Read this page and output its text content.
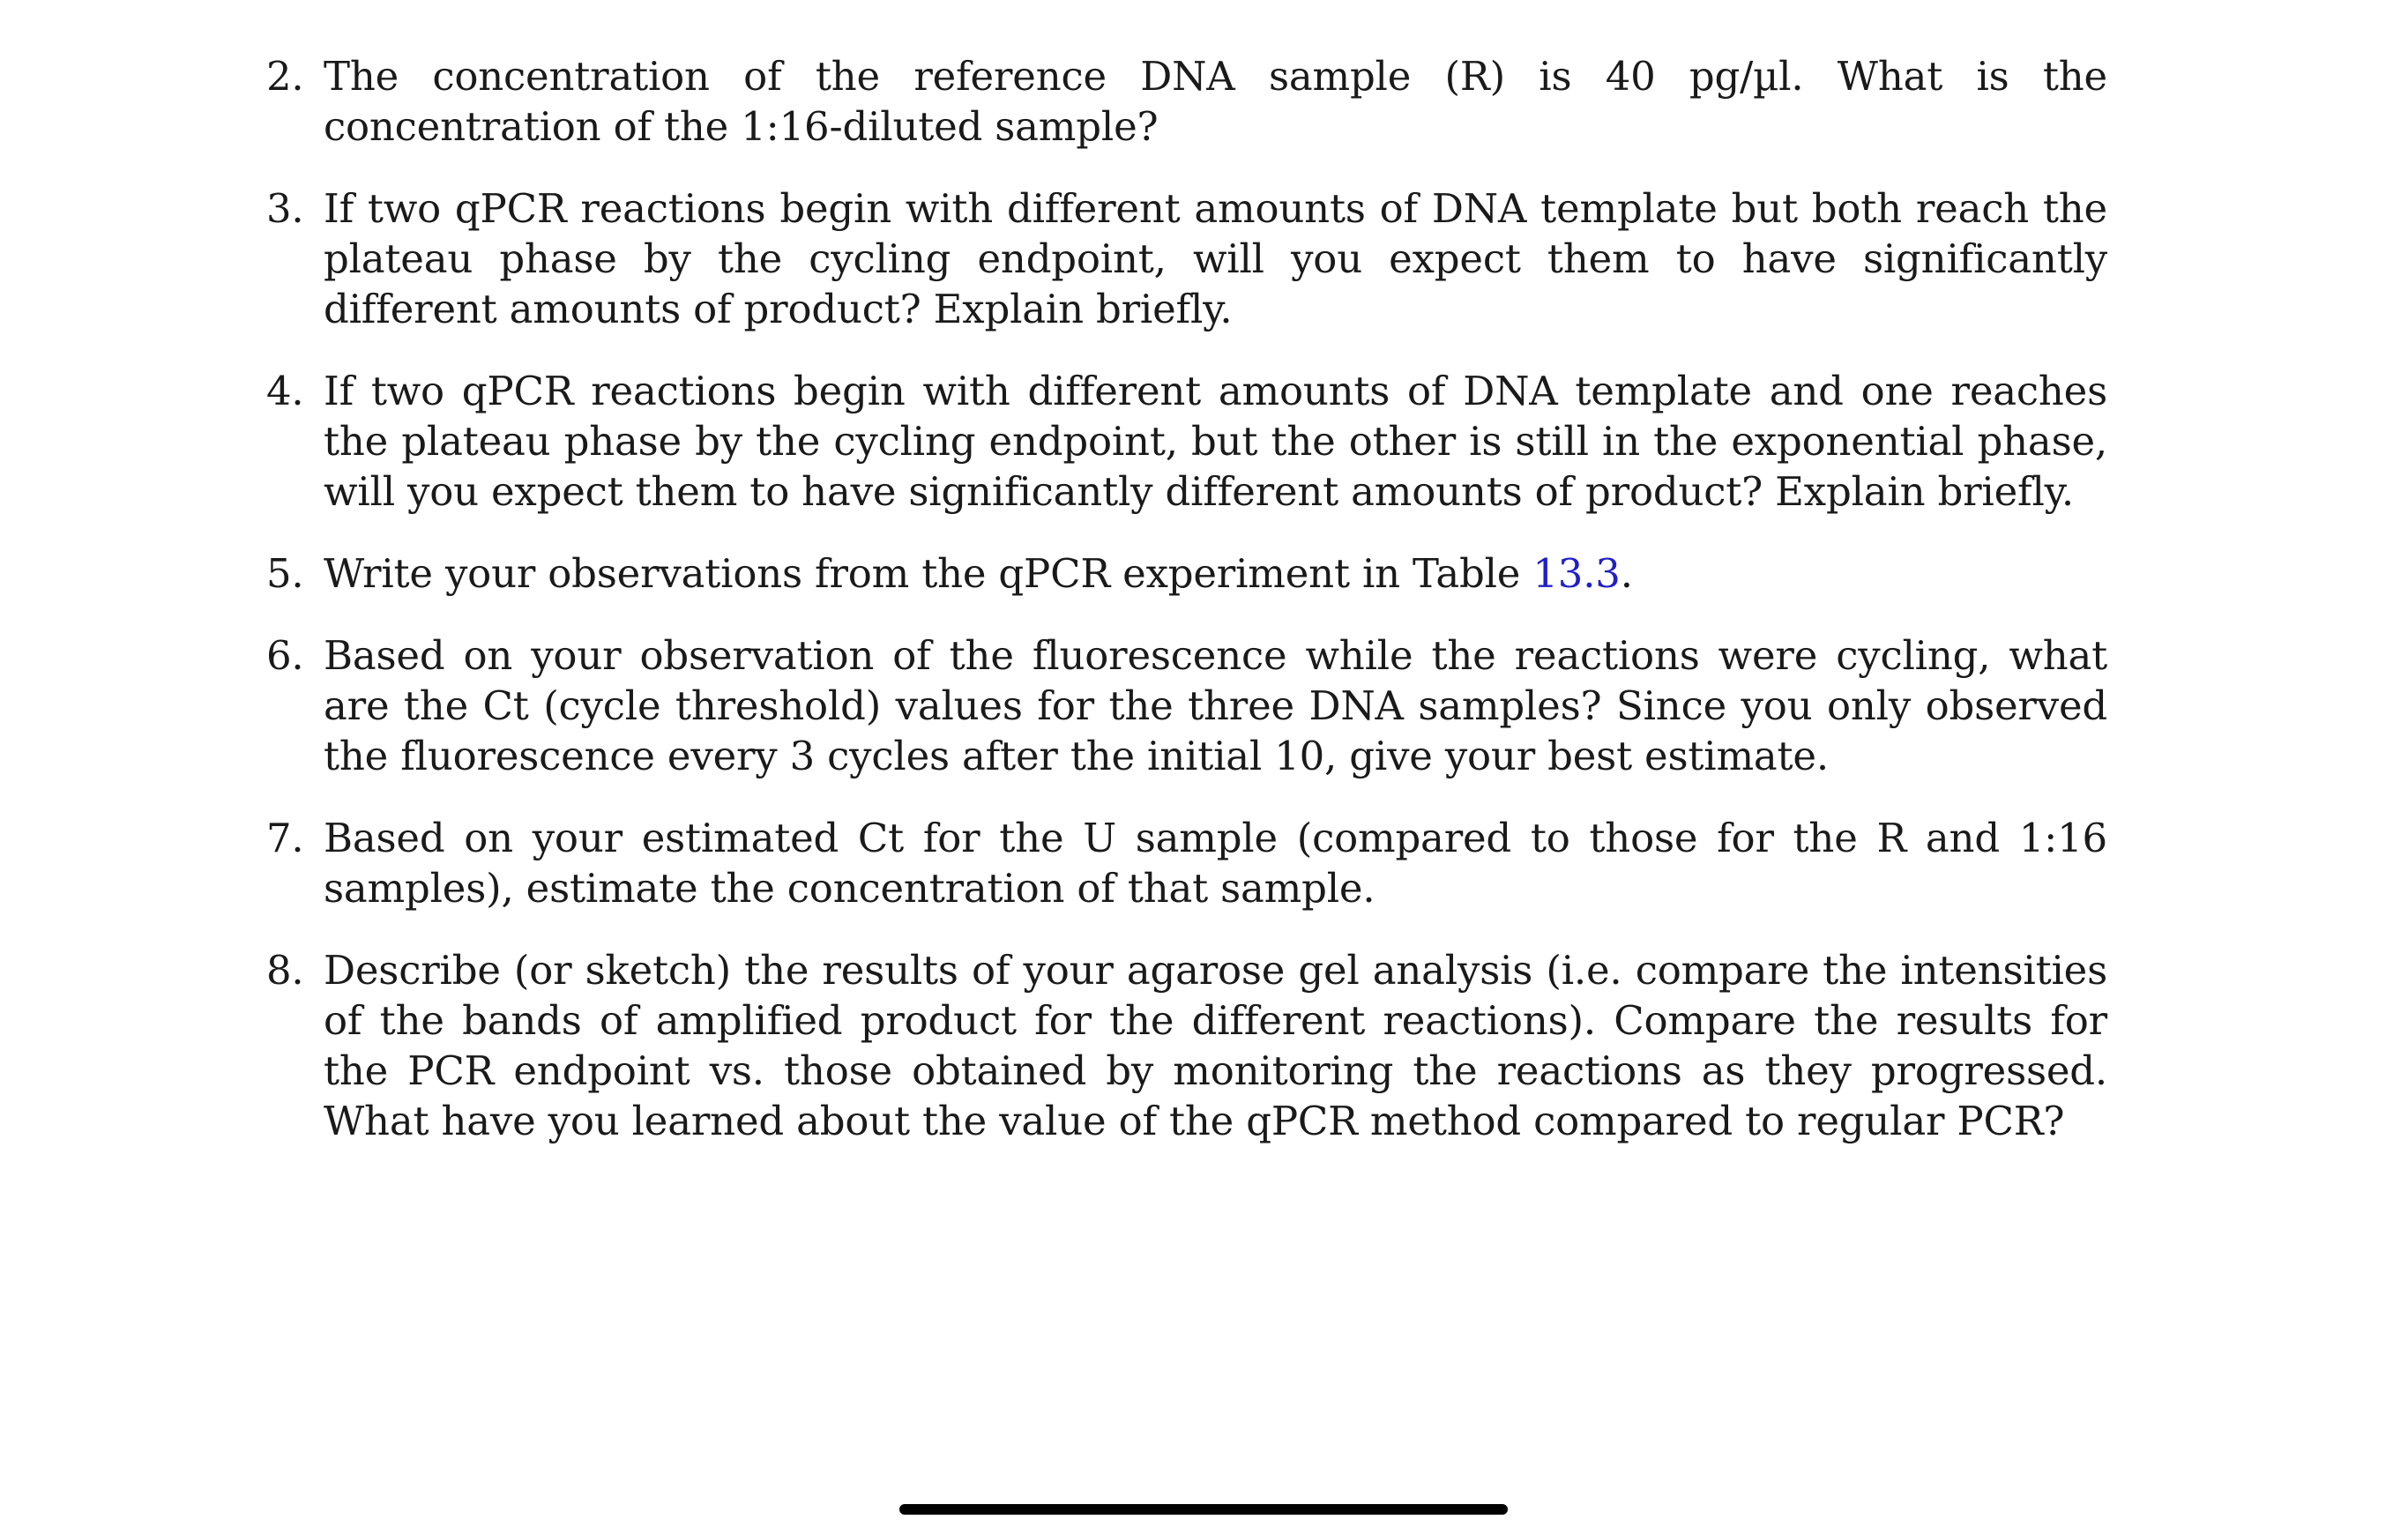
2. The concentration of the reference DNA sample (R) is 40 pg/µl. What is the concentration of the 1:16-diluted sample?
3. If two qPCR reactions begin with different amounts of DNA template but both reach the plateau phase by the cycling endpoint, will you expect them to have significantly different amounts of product? Explain briefly.
4. If two qPCR reactions begin with different amounts of DNA template and one reaches the plateau phase by the cycling endpoint, but the other is still in the exponential phase, will you expect them to have significantly different amounts of product? Explain briefly.
5. Write your observations from the qPCR experiment in Table 13.3.
6. Based on your observation of the fluorescence while the reactions were cycling, what are the Ct (cycle threshold) values for the three DNA samples? Since you only observed the fluorescence every 3 cycles after the initial 10, give your best estimate.
7. Based on your estimated Ct for the U sample (compared to those for the R and 1:16 samples), estimate the concentration of that sample.
8. Describe (or sketch) the results of your agarose gel analysis (i.e. compare the intensities of the bands of amplified product for the different reactions). Compare the results for the PCR endpoint vs. those obtained by monitoring the reactions as they progressed. What have you learned about the value of the qPCR method compared to regular PCR?
